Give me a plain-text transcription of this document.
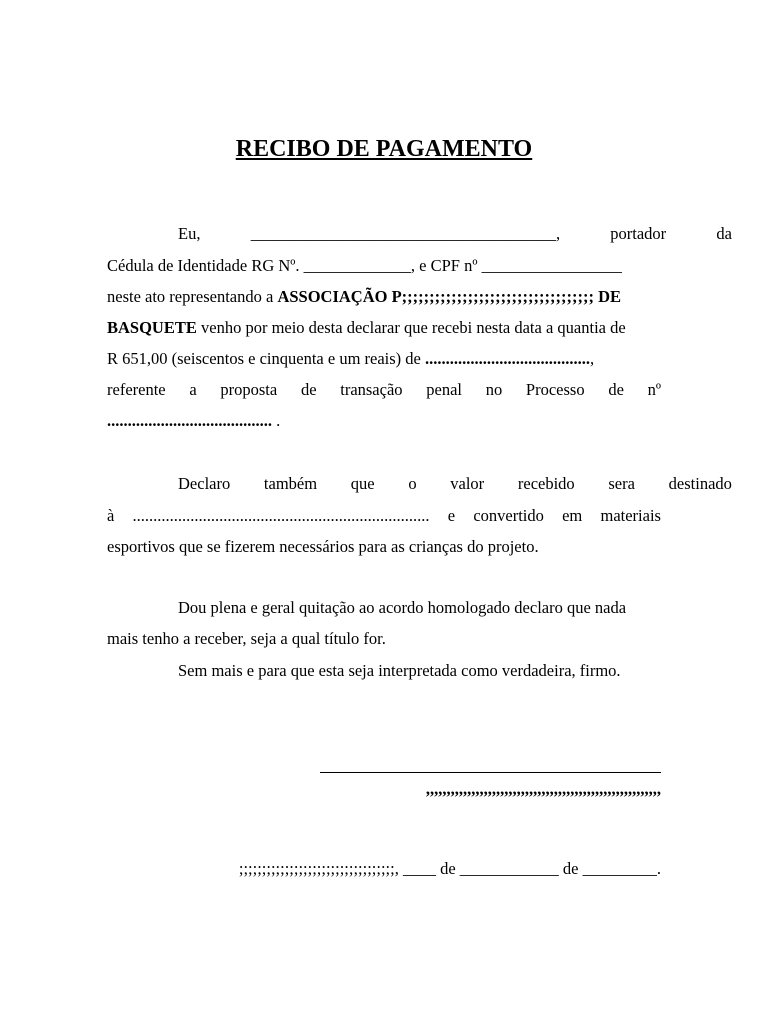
RECIBO DE PAGAMENTO
Eu,	_____________________________________,	portador	da
Cédula de Identidade RG Nº. _____________, e CPF nº _________________
neste ato representando a ASSOCIAÇÃO P;;;;;;;;;;;;;;;;;;;;;;;;;;;;;;;;;;; DE
BASQUETE venho por meio desta declarar que recebi nesta data a quantia de
R 651,00 (seiscentos e cinquenta e um reais) de ........................................,
referente a proposta de transação penal no Processo de nº
........................................ .
Declaro também que o valor recebido sera destinado
à ........................................................................ e convertido em materiais
esportivos que se fizerem necessários para as crianças do projeto.
Dou plena e geral quitação ao acordo homologado declaro que nada
mais tenho a receber, seja a qual título for.
Sem mais e para que esta seja interpretada como verdadeira, firmo.
,,,,,,,,,,,,,,,,,,,,,,,,,,,,,,,,,,,,,,,,,,,,,,,,,,,,,,,,,
;;;;;;;;;;;;;;;;;;;;;;;;;;;;;;;;;;, ____ de ____________ de _________.
